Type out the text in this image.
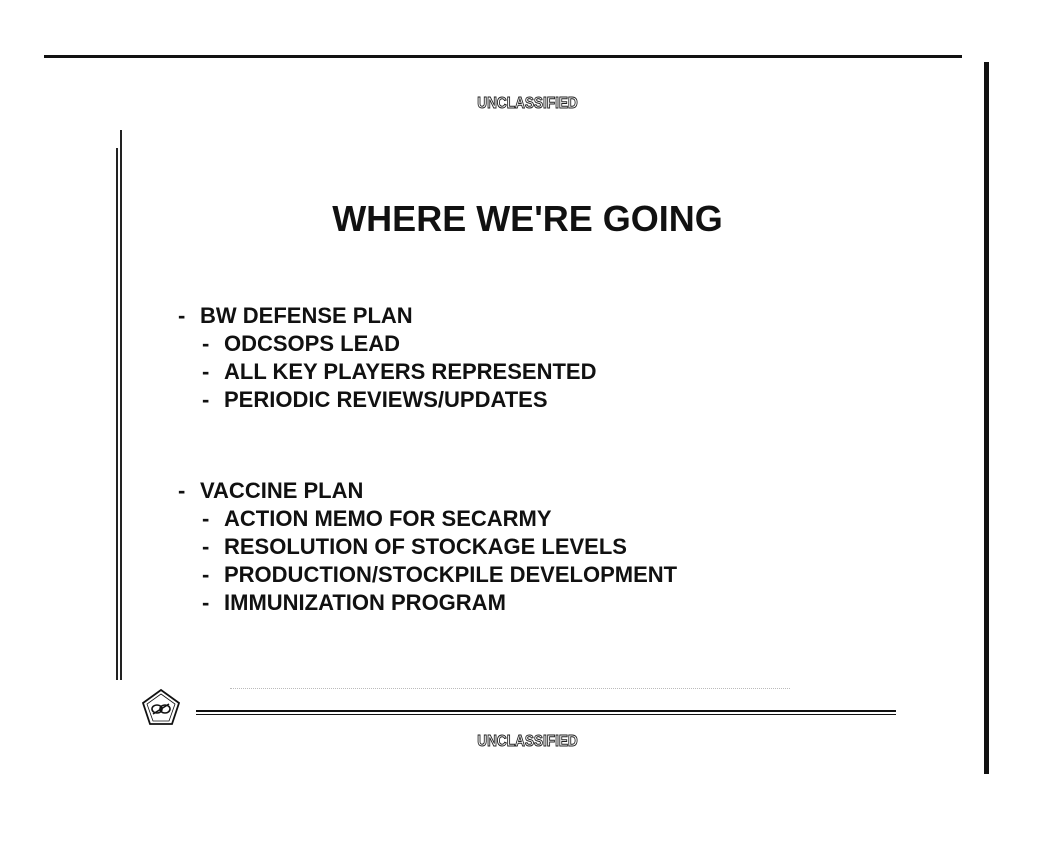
UNCLASSIFIED
WHERE WE'RE GOING
- BW DEFENSE PLAN
- ODCSOPS LEAD
- ALL KEY PLAYERS REPRESENTED
- PERIODIC REVIEWS/UPDATES
- VACCINE PLAN
- ACTION MEMO FOR SECARMY
- RESOLUTION OF STOCKAGE LEVELS
- PRODUCTION/STOCKPILE DEVELOPMENT
- IMMUNIZATION PROGRAM
UNCLASSIFIED
